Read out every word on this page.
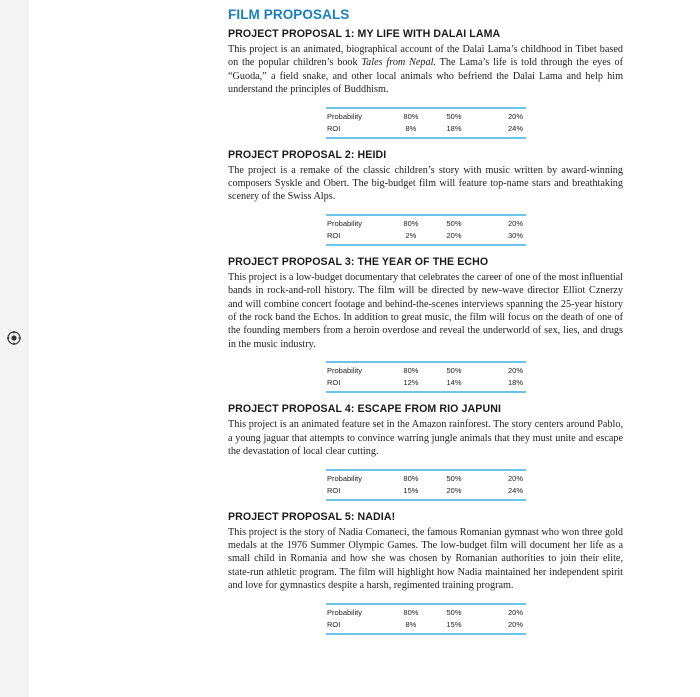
FILM PROPOSALS
PROJECT PROPOSAL 1: MY LIFE WITH DALAI LAMA

This project is an animated, biographical account of the Dalai Lama’s childhood in Tibet based on the popular children’s book Tales from Nepal. The Lama’s life is told through the eyes of “Guoda,” a field snake, and other local animals who befriend the Dalai Lama and help him understand the principles of Buddhism.

Probability	80%	50%	20%
ROI	8%	18%	24%
PROJECT PROPOSAL 2: HEIDI

The project is a remake of the classic children’s story with music written by award-winning composers Syskle and Obert. The big-budget film will feature top-name stars and breathtaking scenery of the Swiss Alps.

Probability	80%	50%	20%
ROI	2%	20%	30%
PROJECT PROPOSAL 3: THE YEAR OF THE ECHO

This project is a low-budget documentary that celebrates the career of one of the most influential bands in rock-and-roll history. The film will be directed by new-wave director Elliot Cznerzy and will combine concert footage and behind-the-scenes interviews spanning the 25-year history of the rock band the Echos. In addition to great music, the film will focus on the death of one of the founding members from a heroin overdose and reveal the underworld of sex, lies, and drugs in the music industry.

Probability	80%	50%	20%
ROI	12%	14%	18%
PROJECT PROPOSAL 4: ESCAPE FROM RIO JAPUNI

This project is an animated feature set in the Amazon rainforest. The story centers around Pablo, a young jaguar that attempts to convince warring jungle animals that they must unite and escape the devastation of local clear cutting.

Probability	80%	50%	20%
ROI	15%	20%	24%
PROJECT PROPOSAL 5: NADIA!

This project is the story of Nadia Comaneci, the famous Romanian gymnast who won three gold medals at the 1976 Summer Olympic Games. The low-budget film will document her life as a small child in Romania and how she was chosen by Romanian authorities to join their elite, state-run athletic program. The film will highlight how Nadia maintained her independent spirit and love for gymnastics despite a harsh, regimented training program.

Probability	80%	50%	20%
ROI	8%	15%	20%
